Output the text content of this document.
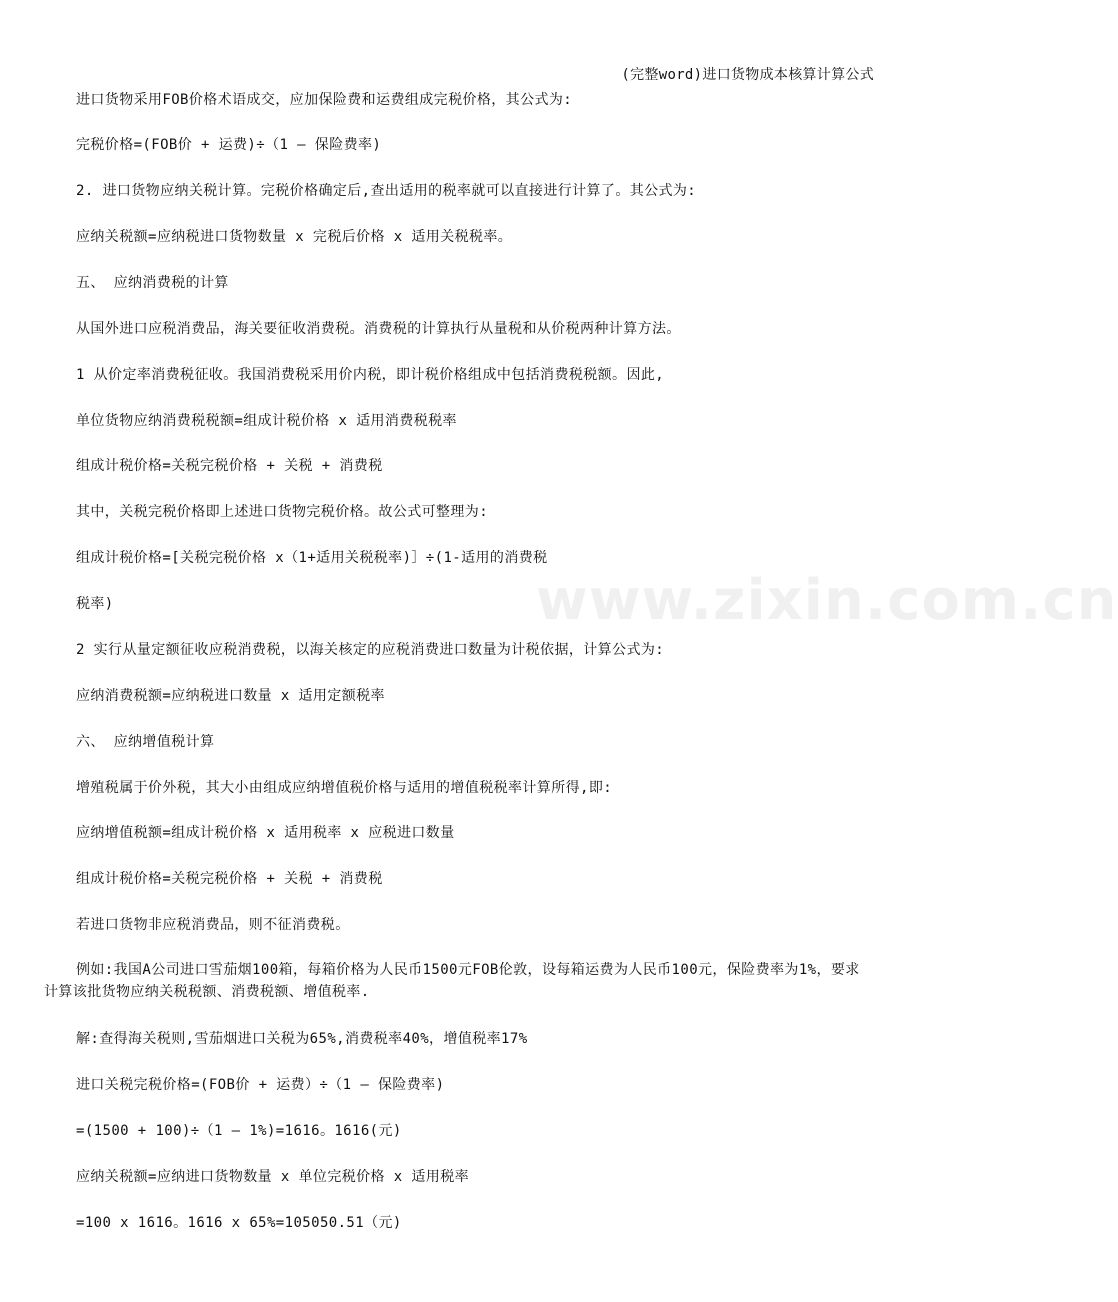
(完整word)进口货物成本核算计算公式
www.zixin.com.cn
进口货物采用FOB价格术语成交，应加保险费和运费组成完税价格，其公式为:
完税价格=(FOB价 + 运费)÷（1 – 保险费率)
2. 进口货物应纳关税计算。完税价格确定后,查出适用的税率就可以直接进行计算了。其公式为:
应纳关税额=应纳税进口货物数量 x 完税后价格 x 适用关税税率。
五、 应纳消费税的计算
从国外进口应税消费品，海关要征收消费税。消费税的计算执行从量税和从价税两种计算方法。
1 从价定率消费税征收。我国消费税采用价内税，即计税价格组成中包括消费税税额。因此,
单位货物应纳消费税税额=组成计税价格 x 适用消费税税率
组成计税价格=关税完税价格 + 关税 + 消费税
其中，关税完税价格即上述进口货物完税价格。故公式可整理为:
组成计税价格=[关税完税价格 x（1+适用关税税率)］÷(1-适用的消费税
税率)
2 实行从量定额征收应税消费税，以海关核定的应税消费进口数量为计税依据，计算公式为:
应纳消费税额=应纳税进口数量 x 适用定额税率
六、 应纳增值税计算
增殖税属于价外税，其大小由组成应纳增值税价格与适用的增值税税率计算所得,即:
应纳增值税额=组成计税价格 x 适用税率 x 应税进口数量
组成计税价格=关税完税价格 + 关税 + 消费税
若进口货物非应税消费品，则不征消费税。
例如:我国A公司进口雪茄烟100箱，每箱价格为人民币1500元FOB伦敦，设每箱运费为人民币100元，保险费率为1%，要求计算该批货物应纳关税税额、消费税额、增值税率.
解:查得海关税则,雪茄烟进口关税为65%,消费税率40%，增值税率17%
进口关税完税价格=(FOB价 + 运费）÷（1 – 保险费率)
=(1500 + 100)÷（1 – 1%)=1616。1616(元)
应纳关税额=应纳进口货物数量 x 单位完税价格 x 适用税率
=100 x 1616。1616 x 65%=105050.51（元)
